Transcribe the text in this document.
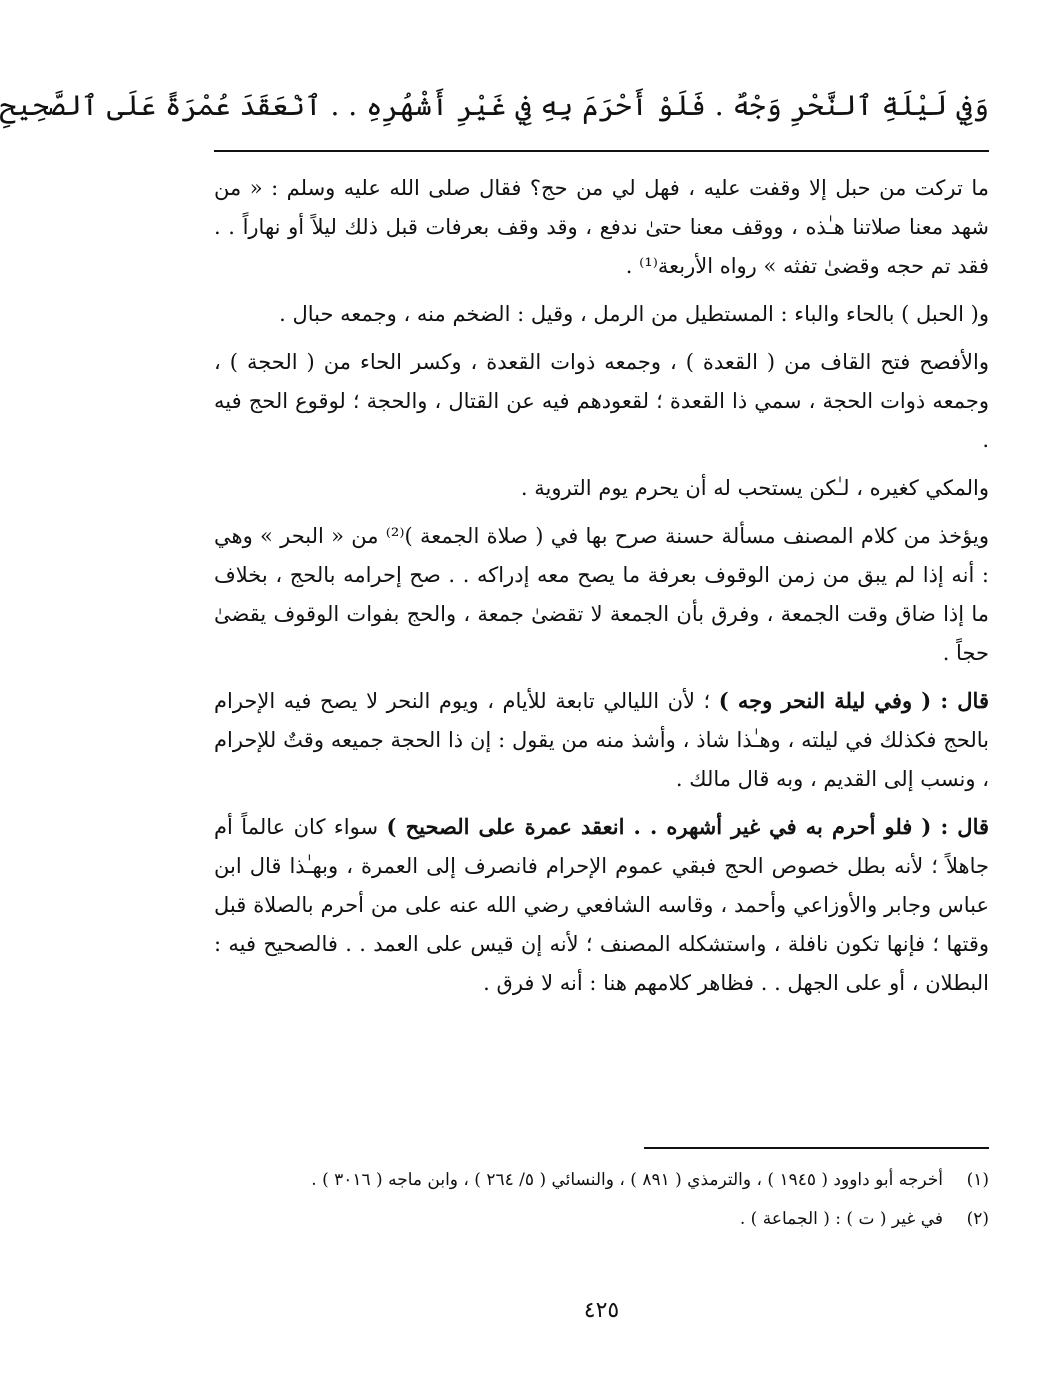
وَفِي لَيْلَةِ ٱلنَّحْرِ وَجْهٌ . فَلَوْ أَحْرَمَ بِهِ فِي غَيْرِ أَشْهُرِهِ . . ٱنْعَقَدَ عُمْرَةً عَلَى ٱلصَّحِيحِ

ما تركت من حبل إلا وقفت عليه ، فهل لي من حج؟ فقال صلى الله عليه وسلم : « من شهد معنا صلاتنا هـٰذه ، ووقف معنا حتىٰ ندفع ، وقد وقف بعرفات قبل ذلك ليلاً أو نهاراً . . فقد تم حجه وقضىٰ تفثه » رواه الأربعة⁽¹⁾ .

و( الحبل ) بالحاء والباء : المستطيل من الرمل ، وقيل : الضخم منه ، وجمعه حبال .

والأفصح فتح القاف من ( القعدة ) ، وجمعه ذوات القعدة ، وكسر الحاء من ( الحجة ) ، وجمعه ذوات الحجة ، سمي ذا القعدة ؛ لقعودهم فيه عن القتال ، والحجة ؛ لوقوع الحج فيه .

والمكي كغيره ، لـٰكن يستحب له أن يحرم يوم التروية .

ويؤخذ من كلام المصنف مسألة حسنة صرح بها في ( صلاة الجمعة )⁽²⁾ من « البحر » وهي : أنه إذا لم يبق من زمن الوقوف بعرفة ما يصح معه إدراكه . . صح إحرامه بالحج ، بخلاف ما إذا ضاق وقت الجمعة ، وفرق بأن الجمعة لا تقضىٰ جمعة ، والحج بفوات الوقوف يقضىٰ حجاً .

قال : ( وفي ليلة النحر وجه ) ؛ لأن الليالي تابعة للأيام ، ويوم النحر لا يصح فيه الإحرام بالحج فكذلك في ليلته ، وهـٰذا شاذ ، وأشذ منه من يقول : إن ذا الحجة جميعه وقتٌ للإحرام ، ونسب إلى القديم ، وبه قال مالك .

قال : ( فلو أحرم به في غير أشهره . . انعقد عمرة على الصحيح ) سواء كان عالماً أم جاهلاً ؛ لأنه بطل خصوص الحج فبقي عموم الإحرام فانصرف إلى العمرة ، وبهـٰذا قال ابن عباس وجابر والأوزاعي وأحمد ، وقاسه الشافعي رضي الله عنه على من أحرم بالصلاة قبل وقتها ؛ فإنها تكون نافلة ، واستشكله المصنف ؛ لأنه إن قيس على العمد . . فالصحيح فيه : البطلان ، أو على الجهل . . فظاهر كلامهم هنا : أنه لا فرق .

(١)
أخرجه أبو داوود ( ١٩٤٥ ) ، والترمذي ( ٨٩١ ) ، والنسائي ( ٥/ ٢٦٤ ) ، وابن ماجه ( ٣٠١٦ ) .
(٢)
في غير ( ت ) : ( الجماعة ) .
٤٢٥
